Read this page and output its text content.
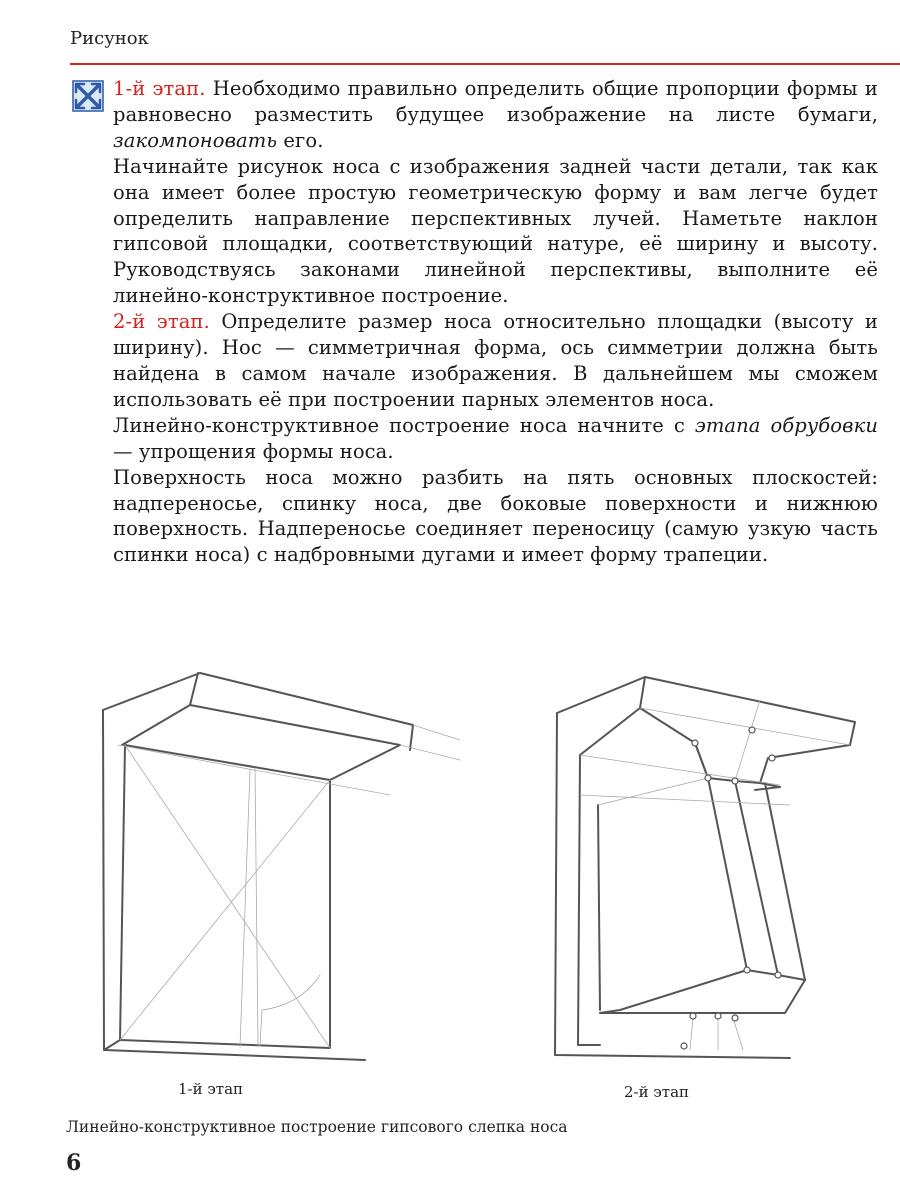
Рисунок

1-й этап. Необходимо правильно определить общие пропорции формы и равновесно разместить будущее изображение на листе бумаги, закомпоновать его.

Начинайте рисунок носа с изображения задней части детали, так как она имеет более простую геометрическую форму и вам легче будет определить направление перспективных лучей. Наметьте наклон гипсовой площадки, соответствующий натуре, её ширину и высоту. Руководствуясь законами линейной перспективы, выполните её линейно-конструктивное построение.

2-й этап. Определите размер носа относительно площадки (высоту и ширину). Нос — симметричная форма, ось симметрии должна быть найдена в самом начале изображения. В дальнейшем мы сможем использовать её при построении парных элементов носа.

Линейно-конструктивное построение носа начните с этапа обрубовки — упрощения формы носа.

Поверхность носа можно разбить на пять основных плоскостей: надпереносье, спинку носа, две боковые поверхности и нижнюю поверхность. Надпереносье соединяет переносицу (самую узкую часть спинки носа) с надбровными дугами и имеет форму трапеции.

1-й этап	2-й этап
Линейно-конструктивное построение гипсового слепка носа
6
